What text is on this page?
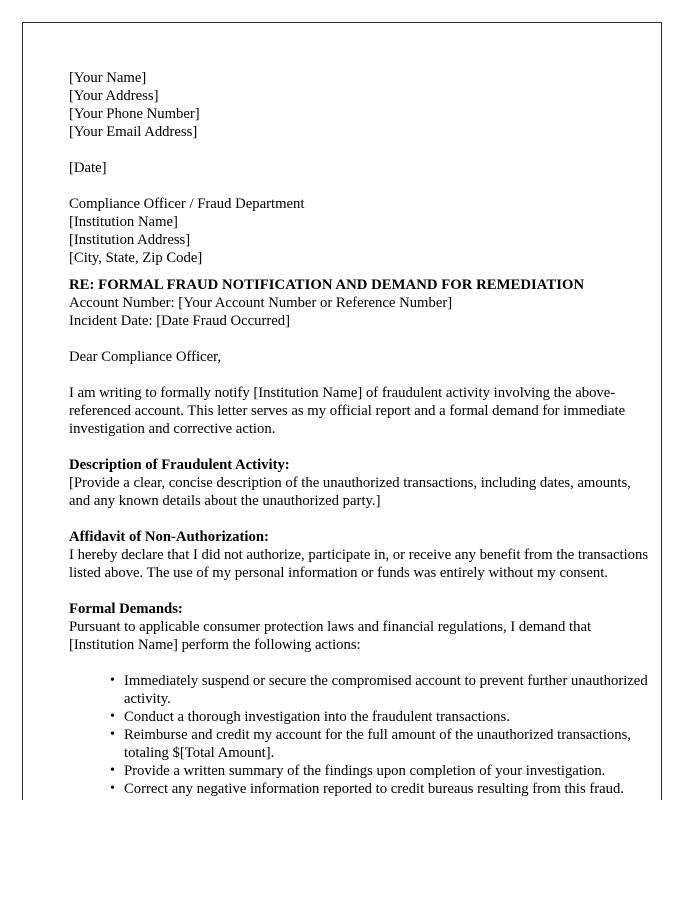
[Your Name]
[Your Address]
[Your Phone Number]
[Your Email Address]
[Date]
Compliance Officer / Fraud Department
[Institution Name]
[Institution Address]
[City, State, Zip Code]
RE: FORMAL FRAUD NOTIFICATION AND DEMAND FOR REMEDIATION
Account Number: [Your Account Number or Reference Number]
Incident Date: [Date Fraud Occurred]
Dear Compliance Officer,

I am writing to formally notify [Institution Name] of fraudulent activity involving the above-referenced account. This letter serves as my official report and a formal demand for immediate investigation and corrective action.

Description of Fraudulent Activity:

[Provide a clear, concise description of the unauthorized transactions, including dates, amounts, and any known details about the unauthorized party.]

Affidavit of Non-Authorization:

I hereby declare that I did not authorize, participate in, or receive any benefit from the transactions listed above. The use of my personal information or funds was entirely without my consent.

Formal Demands:

Pursuant to applicable consumer protection laws and financial regulations, I demand that [Institution Name] perform the following actions:

• Immediately suspend or secure the compromised account to prevent further unauthorized activity.
• Conduct a thorough investigation into the fraudulent transactions.
• Reimburse and credit my account for the full amount of the unauthorized transactions, totaling $[Total Amount].
• Provide a written summary of the findings upon completion of your investigation.
• Correct any negative information reported to credit bureaus resulting from this fraud.
